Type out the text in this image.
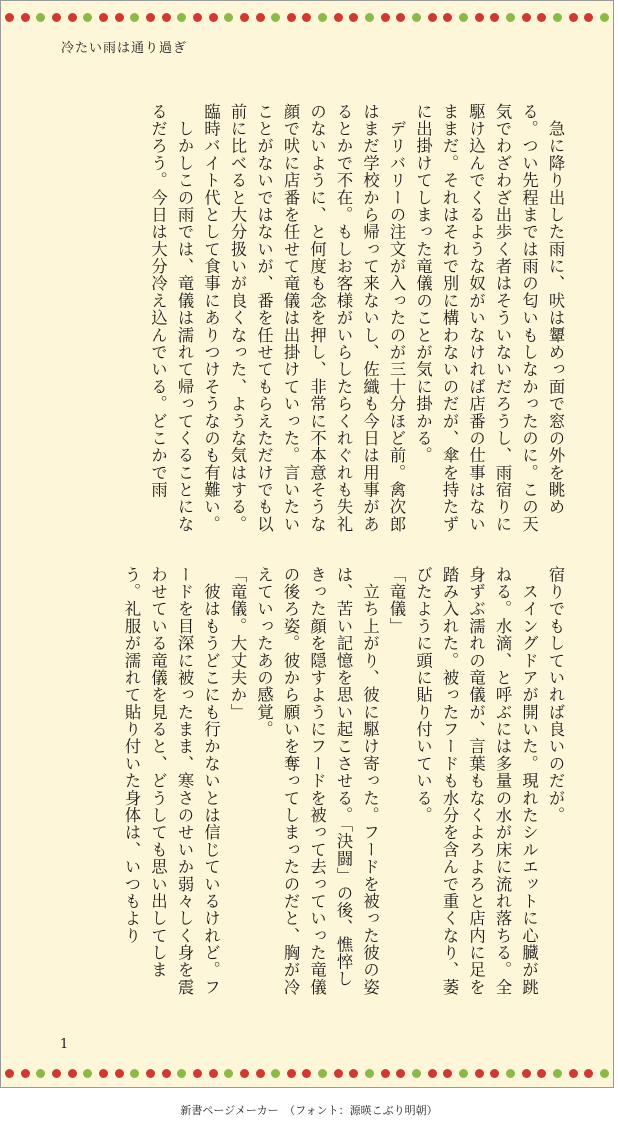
冷たい雨は通り過ぎ

　急に降り出した雨に、吠は顰めっ面で窓の外を眺める。つい先程までは雨の匂いもしなかったのに。この天気でわざわざ出歩く者はそういないだろうし、雨宿りに駆け込んでくるような奴がいなければ店番の仕事はないままだ。それはそれで別に構わないのだが、傘を持たずに出掛けてしまった竜儀のことが気に掛かる。

　デリバリーの注文が入ったのが三十分ほど前。禽次郎はまだ学校から帰って来ないし、佐織も今日は用事があるとかで不在。もしお客様がいらしたらくれぐれも失礼のないように、と何度も念を押し、非常に不本意そうな顔で吠に店番を任せて竜儀は出掛けていった。言いたいことがないではないが、番を任せてもらえただけでも以前に比べると大分扱いが良くなった、ような気はする。臨時バイト代として食事にありつけそうなのも有難い。

　しかしこの雨では、竜儀は濡れて帰ってくることになるだろう。今日は大分冷え込んでいる。どこかで雨

宿りでもしていれば良いのだが。

　スイングドアが開いた。現れたシルエットに心臓が跳ねる。水滴、と呼ぶには多量の水が床に流れ落ちる。全身ずぶ濡れの竜儀が、言葉もなくよろよろと店内に足を踏み入れた。被ったフードも水分を含んで重くなり、萎びたように頭に貼り付いている。

「竜儀」

　立ち上がり、彼に駆け寄った。フードを被った彼の姿は、苦い記憶を思い起こさせる。「決闘」の後、憔悴しきった顔を隠すようにフードを被って去っていった竜儀の後ろ姿。彼から願いを奪ってしまったのだと、胸が冷えていったあの感覚。

「竜儀。大丈夫か」

　彼はもうどこにも行かないとは信じているけれど。フードを目深に被ったまま、寒さのせいか弱々しく身を震わせている竜儀を見ると、どうしても思い出してしまう。礼服が濡れて貼り付いた身体は、いつもより

1
新書ページメーカー　（フォント：源暎こぶり明朝）
